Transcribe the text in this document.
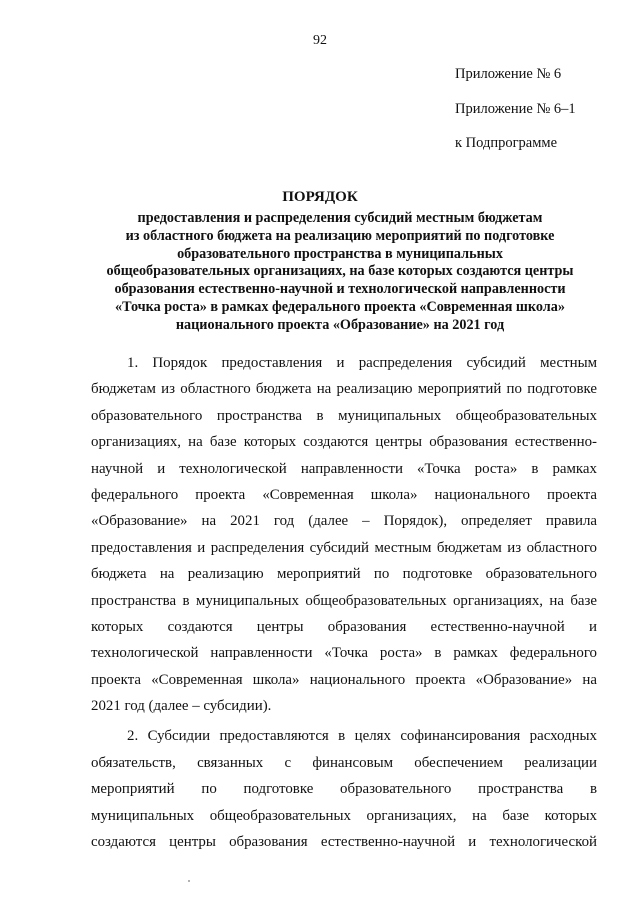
92
Приложение № 6
Приложение № 6–1
к Подпрограмме
ПОРЯДОК
предоставления и распределения субсидий местным бюджетам
из областного бюджета на реализацию мероприятий по подготовке
образовательного пространства в муниципальных
общеобразовательных организациях, на базе которых создаются центры
образования естественно-научной и технологической направленности
«Точка роста» в рамках федерального проекта «Современная школа»
национального проекта «Образование» на 2021 год
1. Порядок предоставления и распределения субсидий местным
бюджетам из областного бюджета на реализацию мероприятий по подготовке
образовательного пространства в муниципальных общеобразовательных
организациях, на базе которых создаются центры образования естественно-
научной и технологической направленности «Точка роста» в рамках
федерального проекта «Современная школа» национального проекта
«Образование» на 2021 год (далее – Порядок), определяет правила
предоставления и распределения субсидий местным бюджетам из областного
бюджета на реализацию мероприятий по подготовке образовательного
пространства в муниципальных общеобразовательных организациях, на базе
которых создаются центры образования естественно-научной и
технологической направленности «Точка роста» в рамках федерального
проекта «Современная школа» национального проекта «Образование» на
2021 год (далее – субсидии).
2. Субсидии предоставляются в целях софинансирования расходных
обязательств, связанных с финансовым обеспечением реализации
мероприятий по подготовке образовательного пространства в
муниципальных общеобразовательных организациях, на базе которых
создаются центры образования естественно-научной и технологической
